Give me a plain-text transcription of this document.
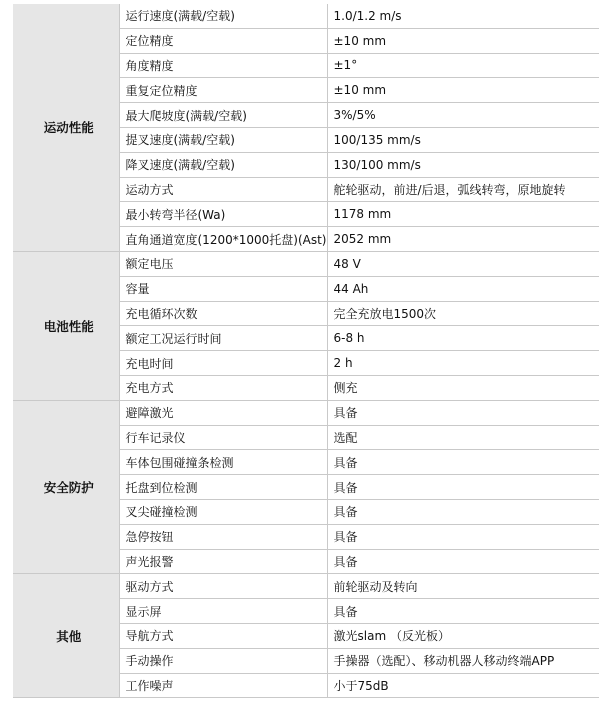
运动性能	运行速度(满载/空载)	1.0/1.2 m/s
	定位精度	±10 mm
	角度精度	±1°
	重复定位精度	±10 mm
	最大爬坡度(满载/空载)	3%/5%
	提叉速度(满载/空载)	100/135 mm/s
	降叉速度(满载/空载)	130/100 mm/s
	运动方式	舵轮驱动，前进/后退，弧线转弯，原地旋转
	最小转弯半径(Wa)	1178 mm
	直角通道宽度(1200*1000托盘)(Ast)	2052 mm
电池性能	额定电压	48 V
	容量	44 Ah
	充电循环次数	完全充放电1500次
	额定工况运行时间	6-8 h
	充电时间	2 h
	充电方式	侧充
安全防护	避障激光	具备
	行车记录仪	选配
	车体包围碰撞条检测	具备
	托盘到位检测	具备
	叉尖碰撞检测	具备
	急停按钮	具备
	声光报警	具备
其他	驱动方式	前轮驱动及转向
	显示屏	具备
	导航方式	激光slam （反光板）
	手动操作	手操器（选配）、移动机器人移动终端APP
	工作噪声	小于75dB
